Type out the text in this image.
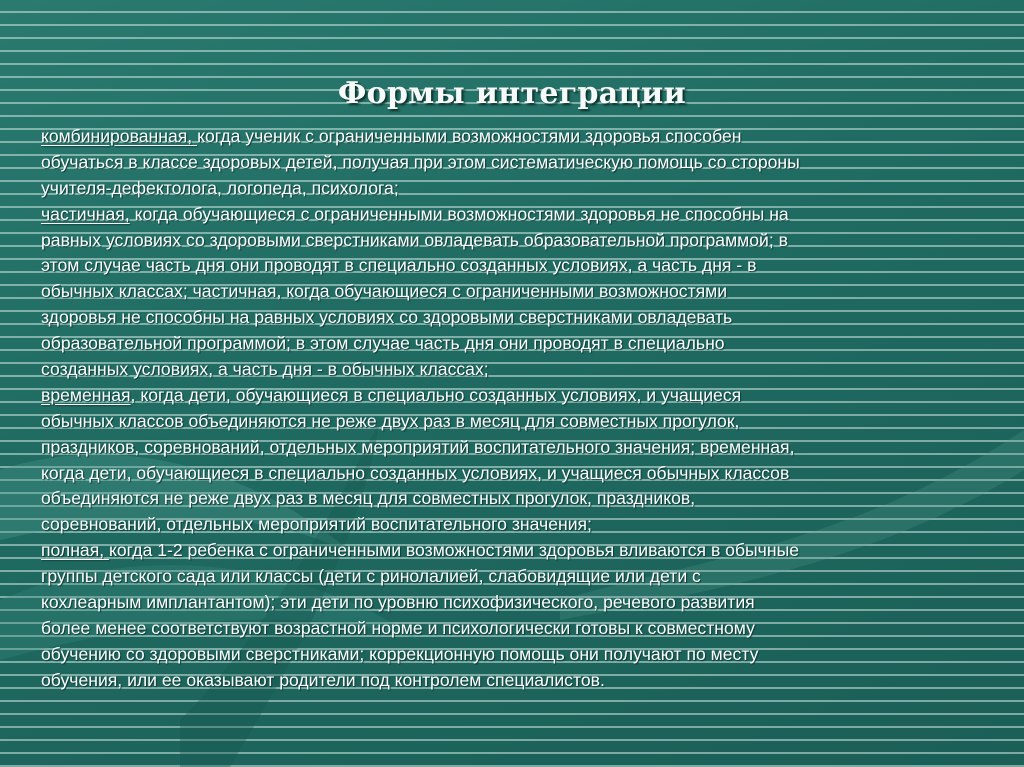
Формы интеграции
комбинированная, когда ученик с ограниченными возможностями здоровья способен
обучаться в классе здоровых детей, получая при этом систематическую помощь со стороны
учителя-дефектолога, логопеда, психолога;
частичная, когда обучающиеся с ограниченными возможностями здоровья не способны на
равных условиях со здоровыми сверстниками овладевать образовательной программой; в
этом случае часть дня они проводят в специально созданных условиях, а часть дня - в
обычных классах; частичная, когда обучающиеся с ограниченными возможностями
здоровья не способны на равных условиях со здоровыми сверстниками овладевать
образовательной программой; в этом случае часть дня они проводят в специально
созданных условиях, а часть дня - в обычных классах;
временная, когда дети, обучающиеся в специально созданных условиях, и учащиеся
обычных классов объединяются не реже двух раз в месяц для совместных прогулок,
праздников, соревнований, отдельных мероприятий воспитательного значения; временная,
когда дети, обучающиеся в специально созданных условиях, и учащиеся обычных классов
объединяются не реже двух раз в месяц для совместных прогулок, праздников,
соревнований, отдельных мероприятий воспитательного значения;
полная, когда 1-2 ребенка с ограниченными возможностями здоровья вливаются в обычные
группы детского сада или классы (дети с ринолалией, слабовидящие или дети с
кохлеарным имплантантом); эти дети по уровню психофизического, речевого развития
более менее соответствуют возрастной норме и психологически готовы к совместному
обучению со здоровыми сверстниками; коррекционную помощь они получают по месту
обучения, или ее оказывают родители под контролем специалистов.
